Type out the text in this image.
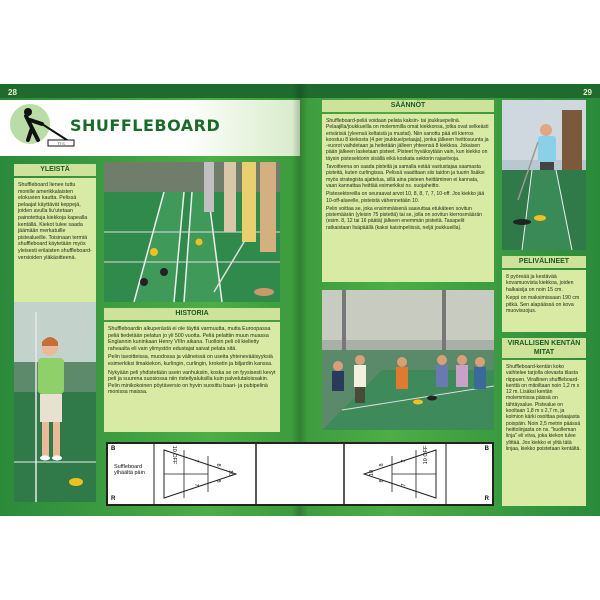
28
TTS
SHUFFLEBOARD
YLEISTÄ

Shuffleboard lienee tuttu monille amerikkalaisten elokuvien kautta. Pelissä pelaajat käyttävät keppejä, joiden avulla liu'utetaan painotettuja kiekkoja kapealla kentällä. Kiekot tulee saada jäämään merkatuille pistealueille. Toisinaan termiä shuffleboard käytetään myös yleisesti erilaisten shuffleboard-versioiden yläkäsitteenä.

HISTORIA

Shuffleboardin alkuperästä ei ole täyttä varmuutta, mutta Euroopassa peliä tiedetään pelatun jo yli 500 vuotta. Peliä pelattiin muun muassa Englannin kuninkaan Henry VIIIn aikana. Tuolloin peli oli kielletty rahvaalta eli vain ylimystön edustajat saivat pelata sitä.

Pelin tavoitteissa, muodossa ja välineissä on useita yhtenevääisyyksiä esimerkiksi ilmakiekon, kurlingin, curlingin, kroketin ja biljardin kanssa.

Nykyään peli yhdistetään usein vanhuksiin, koska se on fyysisesti kevyt peli ja suurena suosiossa niin risteilyaluksilla kuin palvelutaloissakin. Pelin minikokoinen pöytäversio on hyvin suosittu baari- ja pubipelinä monissa maissa.

29
SÄÄNNÖT

Shuffleboard-peliä voidaan pelata kaksin- tai joukkuepelinä. Pelaajilla/joukkueilla on molemmilla omat kiekkonsa, jotka ovat selkeästi erivärisiä (yleensä keltaisiä ja mustat). Niin sanottu pää eli kierros koostuu 8 kiekosta (4 per joukkue/pelaaja), jonka jälkeen heittosuunta ja -vuorot vaihdetaan ja heitetään jälleen yhteensä 8 kiekkoa. Jokaisen pään jälkeen lasketaan pisteet. Pisteet hyväksytään vain, kun kiekko on täysin pistesektorin sisällä eikä koskata sektorin rajaviivoja.

Tavoitteena on saada pisteitä ja samalla estää vastustajaa saamasta pisteitä, kuten curlingissa. Pelissä vaaditaan siis taidon ja tuurin lisäksi myös strategista ajattelua, sillä aina pisteen heittäminen ei kannata, vaan kannattaa heittää esimerkiksi ns. suojaheitto.

Pistesektoreilla on seuraavat arvot 10, 8, 8, 7, 7, 10-off. Jos kiekko jää 10-off-alueelle, pisteistä vähennetään 10.

Pelin voittaa se, joka ensimmäisenä saavuttaa etukäteen sovitun pistemäärän (yleisin 75 pistettä) tai se, jolla on sovitun kierrosmäärän (esim. 8, 12 tai 16 päätä) jälkeen enemmän pisteitä. Tasapelit ratkaistaan lisäpäällä (kaksi kaisinpeliissä, neljä joukkueilla).

PELIVÄLINEET

8 pyöreää ja kestävää kovamuovista kiekkoa, joiden halkaisija on noin 15 cm.

Keppi on maksimissaan 190 cm pitkä. Sen alapäässä on kova muovisuojus.

VIRALLISEN KENTÄN MITAT

Shuffleboard-kentän koko vaihtelee tarjolla olevasta tilasta riippuen. Virallinen shuffleboard-kenttä on mitoiltaan noin 1,2 m x 12 m. Lisäksi kentän molemmissa päissä on tähtäysalue. Pistealue on kooltaan 1,8 m x 2,7 m, ja kolmion kärki osoittaa pelaajasta poispäin. Noin 2,5 metrin päässä heittolinjasta on ns. "kuolleman linja" eli viiva, joka kiekon tulee ylittää. Jos kiekko ei ylitä tätä linjaa, kiekko poistetaan kentältä.

B
R
B
R
Suffleboard ylhäältä päin
10 OFF	7
7
8
8
10
10 OFF
7
7
8
8
10
